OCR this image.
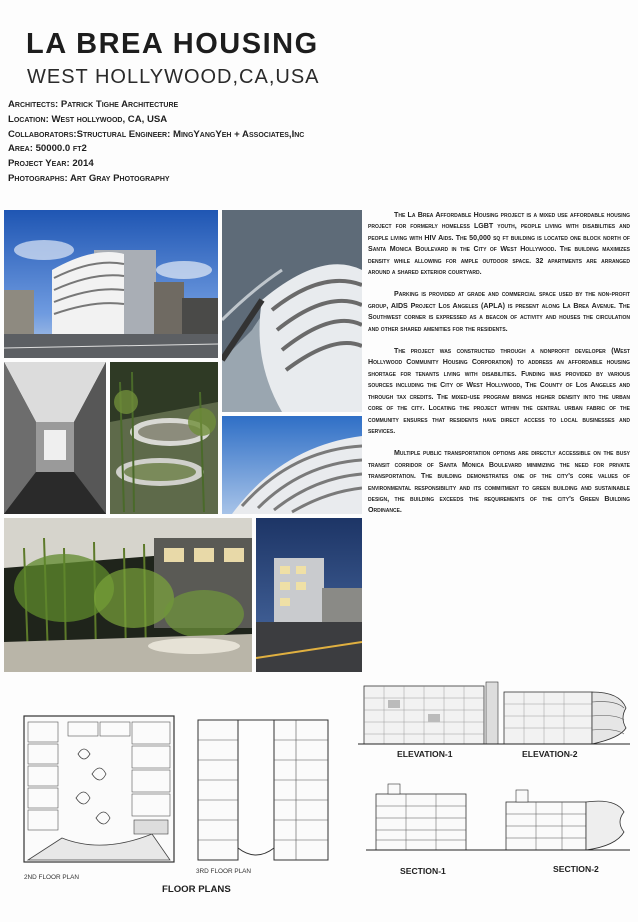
LA BREA HOUSING
WEST HOLLYWOOD,CA,USA
Architects: Patrick Tighe Architecture
Location: West hollywood, CA, USA
Collaborators:Structural Engineer: MingYangYeh + Associates,Inc
Area: 50000.0 ft2
Project Year: 2014
Photographs: Art Gray Photography

The La Brea Affordable Housing project is a mixed use affordable housing project for formerly homeless LGBT youth, people living with disabilities and people living with HIV Aids. The 50,000 sq ft building is located one block north of Santa Monica Boulevard in the City of West Hollywood. The building maximizes density while allowing for ample outdoor space. 32 apartments are arranged around a shared exterior courtyard.

Parking is provided at grade and commercial space used by the non-profit group, AIDS Project Los Angeles (APLA) is present along La Brea Avenue. The Southwest corner is expressed as a beacon of activity and houses the circulation and other shared amenities for the residents.

The project was constructed through a nonprofit developer (West Hollywood Community Housing Corporation) to address an affordable housing shortage for tenants living with disabilities. Funding was provided by various sources including the City of West Hollywood, The County of Los Angeles and through tax credits. The mixed-use program brings higher density into the urban core of the city. Locating the project within the central urban fabric of the community ensures that residents have direct access to local businesses and services.

Multiple public transportation options are directly accessible on the busy transit corridor of Santa Monica Boulevard minimizing the need for private transportation. The building demonstrates one of the city's core values of environmental responsibility and its commitment to green building and sustainable design, the building exceeds the requirements of the city's Green Building Ordinance.

ELEVATION-1	ELEVATION-2
SECTION-1	SECTION-2
2ND FLOOR PLAN
3RD FLOOR PLAN
FLOOR PLANS
